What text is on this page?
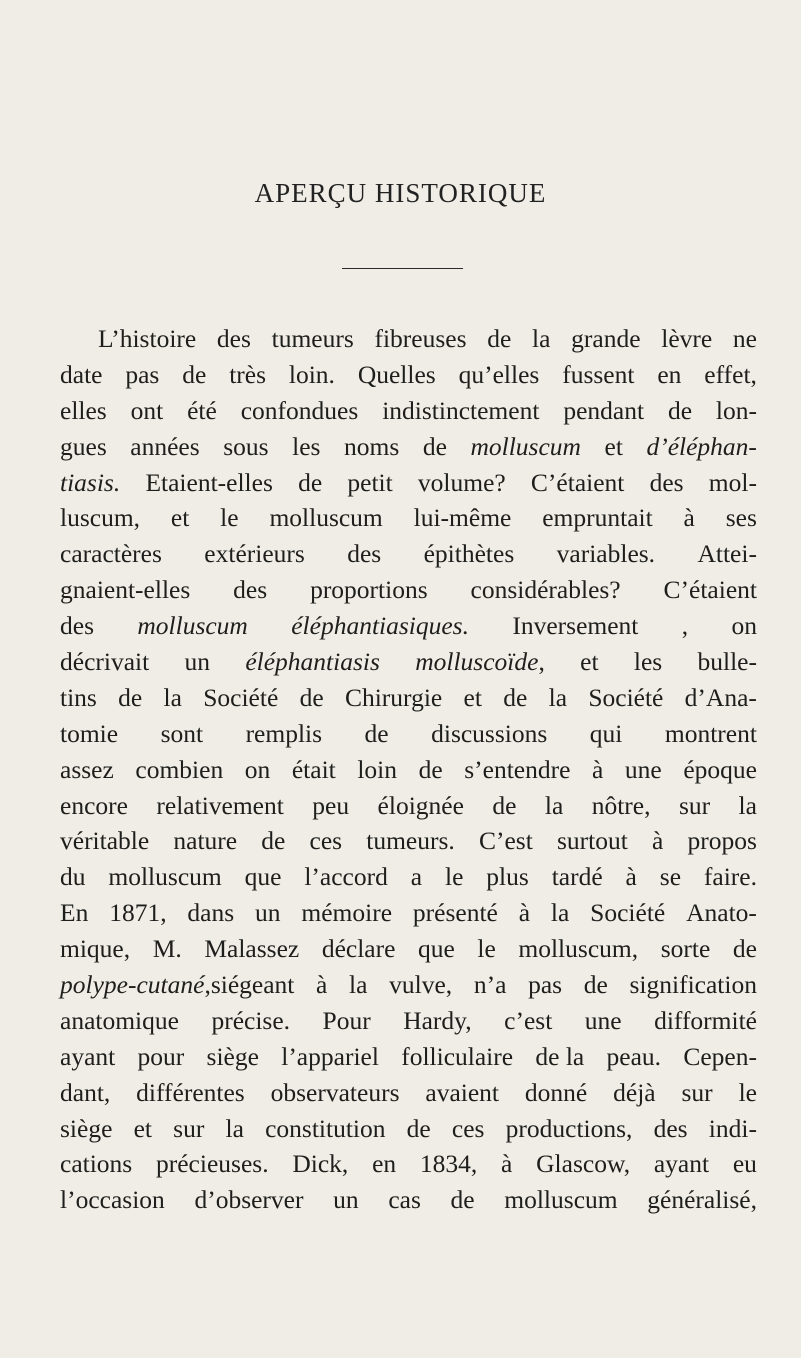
APERÇU HISTORIQUE
L’histoire des tumeurs fibreuses de la grande lèvre ne
date pas de très loin. Quelles qu’elles fussent en effet,
elles ont été confondues indistinctement pendant de lon-
gues années sous les noms de molluscum et d’éléphan-
tiasis. Etaient-elles de petit volume? C’étaient des mol-
luscum, et le molluscum lui-même empruntait à ses
caractères extérieurs des épithètes variables. Attei-
gnaient-elles des proportions considérables? C’étaient
des molluscum éléphantiasiques. Inversement , on
décrivait un éléphantiasis molluscoïde, et les bulle-
tins de la Société de Chirurgie et de la Société d’Ana-
tomie sont remplis de discussions qui montrent
assez combien on était loin de s’entendre à une époque
encore relativement peu éloignée de la nôtre, sur la
véritable nature de ces tumeurs. C’est surtout à propos
du molluscum que l’accord a le plus tardé à se faire.
En 1871, dans un mémoire présenté à la Société Anato-
mique, M. Malassez déclare que le molluscum, sorte de
polype-cutané,siégeant à la vulve, n’a pas de signification
anatomique précise. Pour Hardy, c’est une difformité
ayant pour siège l’appariel folliculaire de la peau. Cepen-
dant, différentes observateurs avaient donné déjà sur le
siège et sur la constitution de ces productions, des indi-
cations précieuses. Dick, en 1834, à Glascow, ayant eu
l’occasion d’observer un cas de molluscum généralisé,
